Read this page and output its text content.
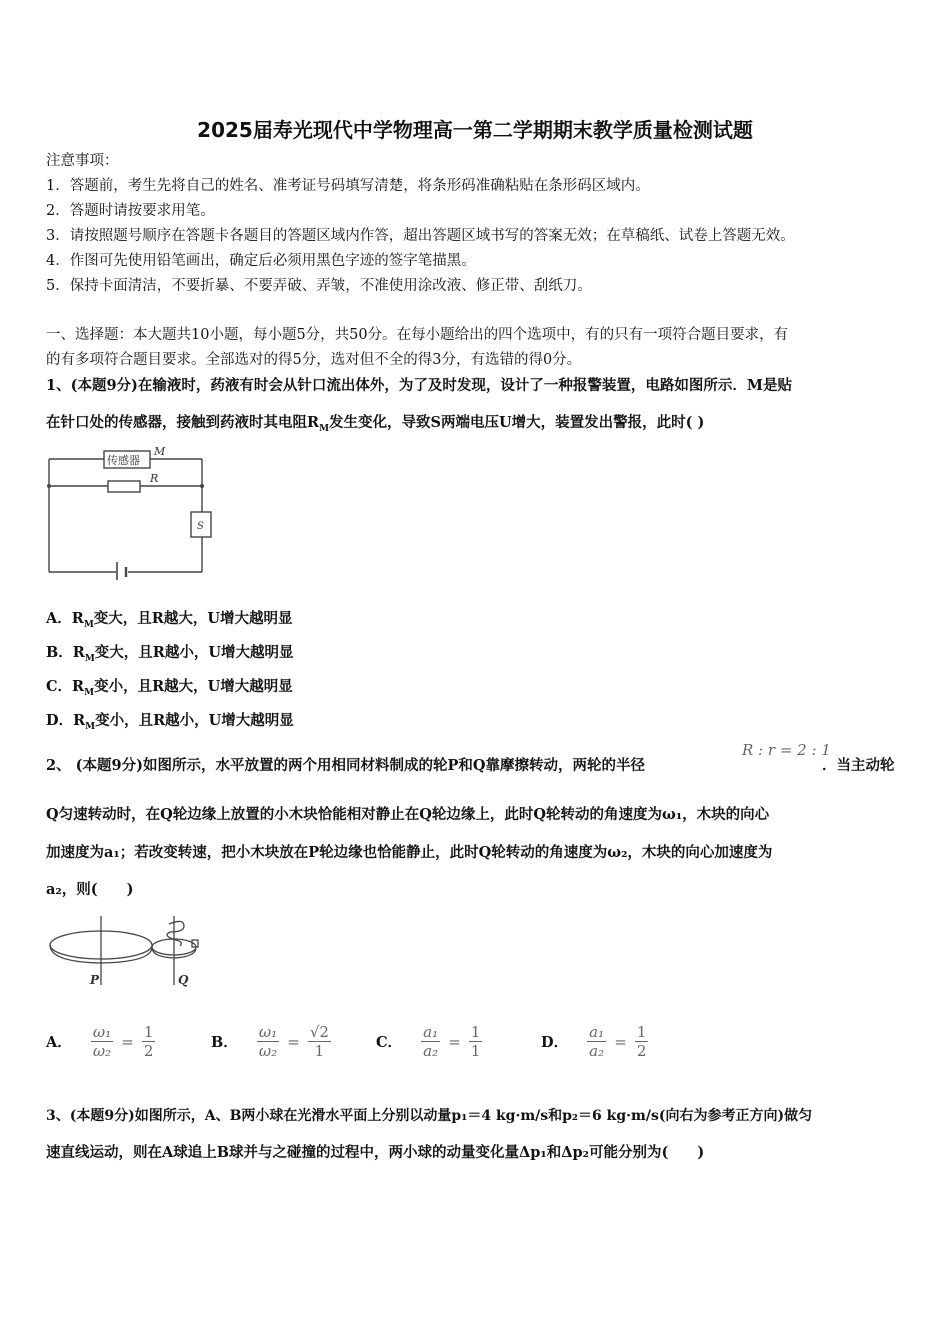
2025届寿光现代中学物理高一第二学期期末教学质量检测试题
注意事项：
1．答题前，考生先将自己的姓名、准考证号码填写清楚，将条形码准确粘贴在条形码区域内。
2．答题时请按要求用笔。
3．请按照题号顺序在答题卡各题目的答题区域内作答，超出答题区域书写的答案无效；在草稿纸、试卷上答题无效。
4．作图可先使用铅笔画出，确定后必须用黑色字迹的签字笔描黑。
5．保持卡面清洁，不要折暴、不要弄破、弄皱，不准使用涂改液、修正带、刮纸刀。
一、选择题：本大题共10小题，每小题5分，共50分。在每小题给出的四个选项中，有的只有一项符合题目要求，有
的有多项符合题目要求。全部选对的得5分，选对但不全的得3分，有选错的得0分。
1、(本题9分)在输液时，药液有时会从针口流出体外，为了及时发现，设计了一种报警装置，电路如图所示．M是贴
在针口处的传感器，接触到药液时其电阻$R_M$发生变化，导致S两端电压U增大，装置发出警报，此时( )
传感器
M
R
S
A．$R_M$变大，且R越大，U增大越明显
B．$R_M$变大，且R越小，U增大越明显
C．$R_M$变小，且R越大，U增大越明显
D．$R_M$变小，且R越小，U增大越明显
2、 (本题9分)如图所示，水平放置的两个用相同材料制成的轮P和Q靠摩擦转动，两轮的半径
R : r = 2 : 1
．当主动轮
Q匀速转动时，在Q轮边缘上放置的小木块恰能相对静止在Q轮边缘上，此时Q轮转动的角速度为ω₁，木块的向心
加速度为a₁；若改变转速，把小木块放在P轮边缘也恰能静止，此时Q轮转动的角速度为ω₂，木块的向心加速度为
a₂，则(　　)
P	Q
A． $\frac{\text{ω₁}}{\text{ω₂}} = \frac{1}{2}$	B． $\frac{\text{ω₁}}{\text{ω₂}} = \frac{√2}{1}$	C． $\frac{\text{a₁}}{\text{a₂}} = \frac{1}{1}$	D． $\frac{\text{a₁}}{\text{a₂}} = \frac{1}{2}$
3、(本题9分)如图所示，A、B两小球在光滑水平面上分别以动量p₁＝4 kg·m/s和p₂＝6 kg·m/s(向右为参考正方向)做匀
速直线运动，则在A球追上B球并与之碰撞的过程中，两小球的动量变化量Δp₁和Δp₂可能分别为(　　)
